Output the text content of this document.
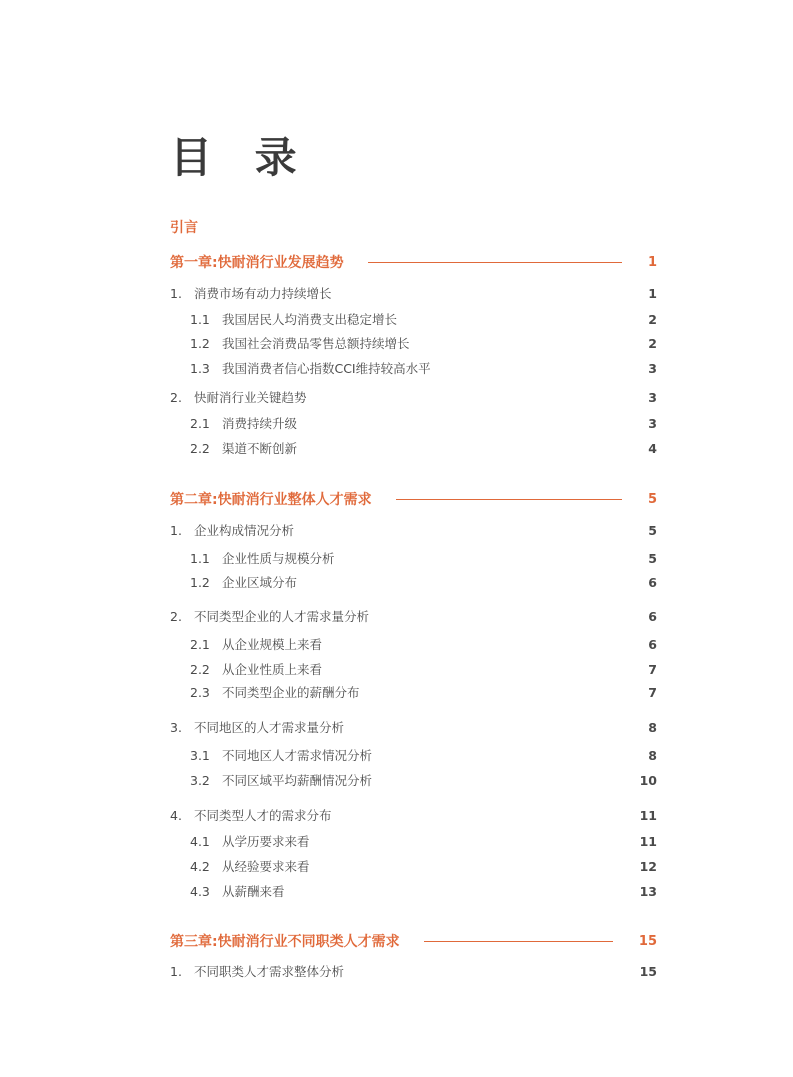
目 录
引言
第一章:快耐消行业发展趋势	1
1. 消费市场有动力持续增长	1
1.1 我国居民人均消费支出稳定增长	2
1.2 我国社会消费品零售总额持续增长	2
1.3 我国消费者信心指数CCI维持较高水平	3
2. 快耐消行业关键趋势	3
2.1 消费持续升级	3
2.2 渠道不断创新	4
第二章:快耐消行业整体人才需求	5
1. 企业构成情况分析	5
1.1 企业性质与规模分析	5
1.2 企业区域分布	6
2. 不同类型企业的人才需求量分析	6
2.1 从企业规模上来看	6
2.2 从企业性质上来看	7
2.3 不同类型企业的薪酬分布	7
3. 不同地区的人才需求量分析	8
3.1 不同地区人才需求情况分析	8
3.2 不同区域平均薪酬情况分析	10
4. 不同类型人才的需求分布	11
4.1 从学历要求来看	11
4.2 从经验要求来看	12
4.3 从薪酬来看	13
第三章:快耐消行业不同职类人才需求	15
1. 不同职类人才需求整体分析	15
